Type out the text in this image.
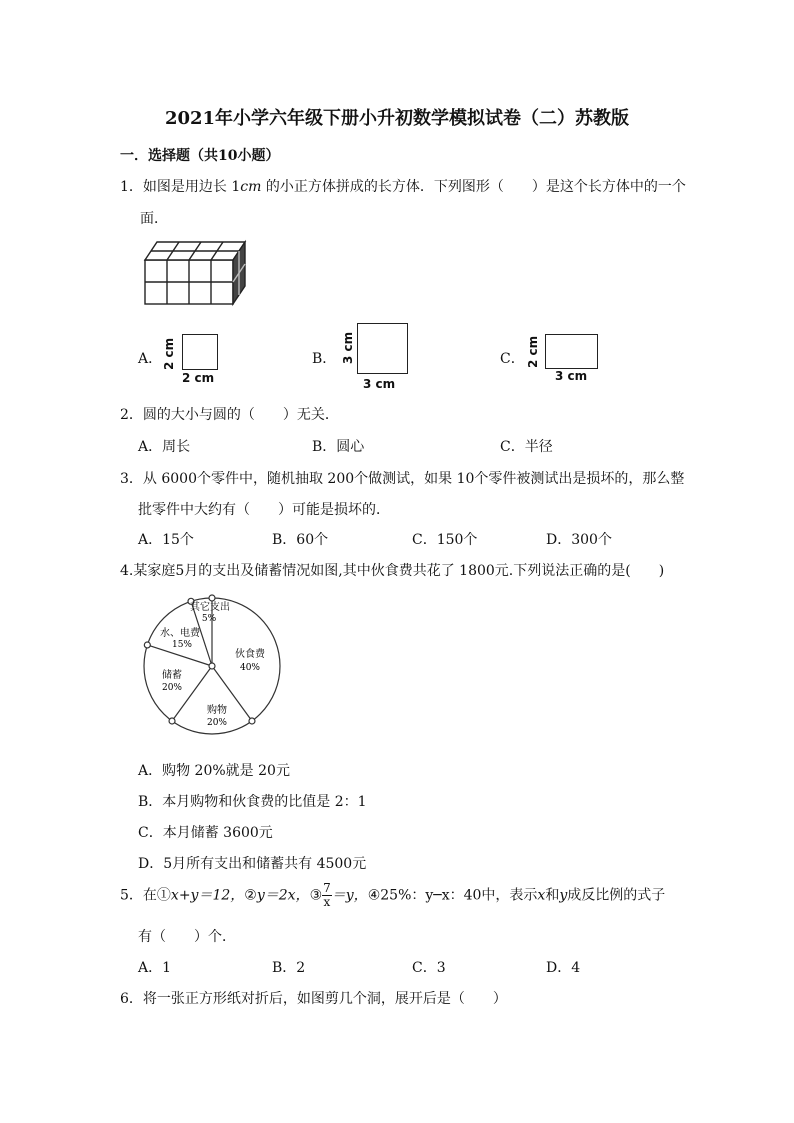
2021年小学六年级下册小升初数学模拟试卷（二）苏教版
一．选择题（共10小题）
1．如图是用边长 1cm 的小正方体拼成的长方体．下列图形（　　）是这个长方体中的一个
面．
A． 2 cm
2 cm
B． 3 cm
3 cm
C． 2 cm
3 cm
2．圆的大小与圆的（　　）无关．
A．周长	B．圆心	C．半径
3．从 6000个零件中，随机抽取 200个做测试，如果 10个零件被测试出是损坏的，那么整
批零件中大约有（　　）可能是损坏的．
A．15个	B．60个	C．150个	D．300个
4.某家庭5月的支出及储蓄情况如图,其中伙食费共花了 1800元.下列说法正确的是(　　)
伙食费
40%
购物
20%
储蓄
20%
水、电费
15%
其它支出
5%
A．购物 20%就是 20元
B．本月购物和伙食费的比值是 2：1
C．本月储蓄 3600元
D．5月所有支出和储蓄共有 4500元
5．在①x+y＝12，②y＝2x，③ $\frac{7}{x} =y$，④25%：y─x：40中，表示x和y成反比例的式子
有（　　）个．
A．1	B．2	C．3	D．4
6．将一张正方形纸对折后，如图剪几个洞，展开后是（　　）
